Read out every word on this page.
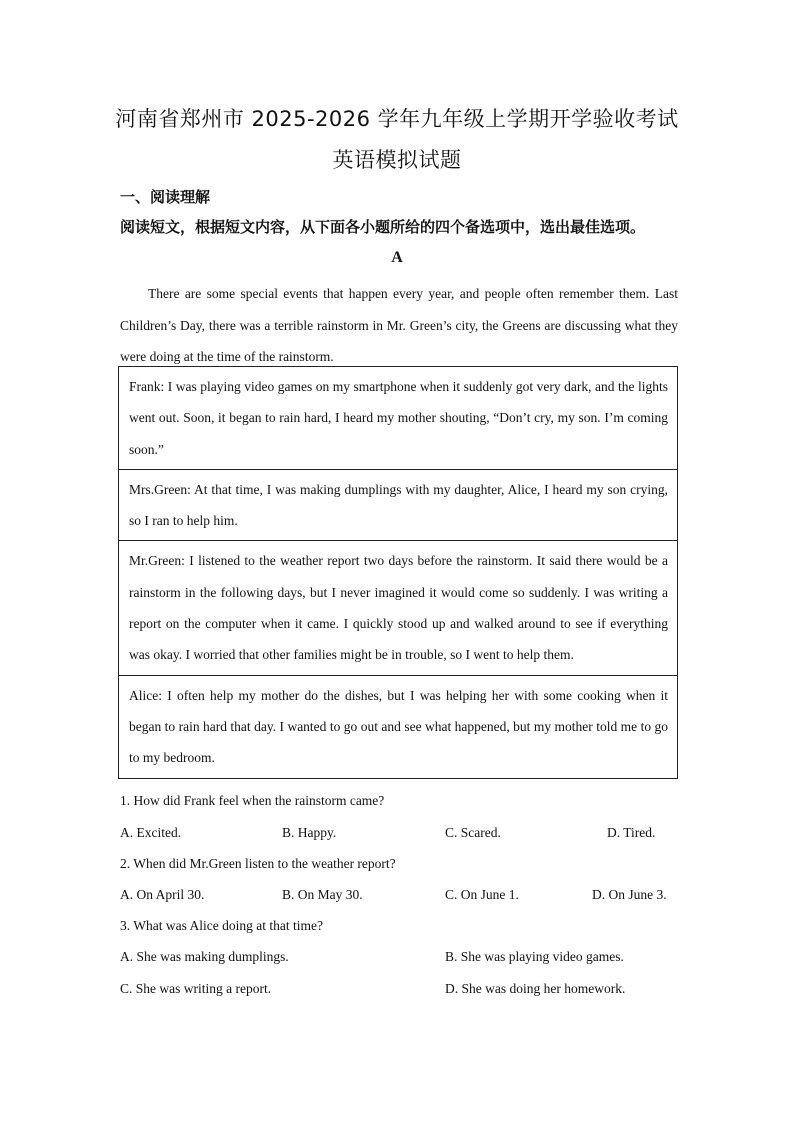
河南省郑州市 2025-2026 学年九年级上学期开学验收考试
英语模拟试题
一、阅读理解
阅读短文，根据短文内容，从下面各小题所给的四个备选项中，选出最佳选项。
A
There are some special events that happen every year, and people often remember them. Last Children’s Day, there was a terrible rainstorm in Mr. Green’s city, the Greens are discussing what they were doing at the time of the rainstorm.
Frank: I was playing video games on my smartphone when it suddenly got very dark, and the lights went out. Soon, it began to rain hard, I heard my mother shouting, “Don’t cry, my son. I’m coming soon.”
Mrs.Green: At that time, I was making dumplings with my daughter, Alice, I heard my son crying, so I ran to help him.
Mr.Green: I listened to the weather report two days before the rainstorm. It said there would be a rainstorm in the following days, but I never imagined it would come so suddenly. I was writing a report on the computer when it came. I quickly stood up and walked around to see if everything was okay. I worried that other families might be in trouble, so I went to help them.
Alice: I often help my mother do the dishes, but I was helping her with some cooking when it began to rain hard that day. I wanted to go out and see what happened, but my mother told me to go to my bedroom.
1. How did Frank feel when the rainstorm came?
A. Excited.	B. Happy.	C. Scared.	D. Tired.
2. When did Mr.Green listen to the weather report?
A. On April 30.	B. On May 30.	C. On June 1.	D. On June 3.
3. What was Alice doing at that time?
A. She was making dumplings.	B. She was playing video games.
C. She was writing a report.	D. She was doing her homework.
